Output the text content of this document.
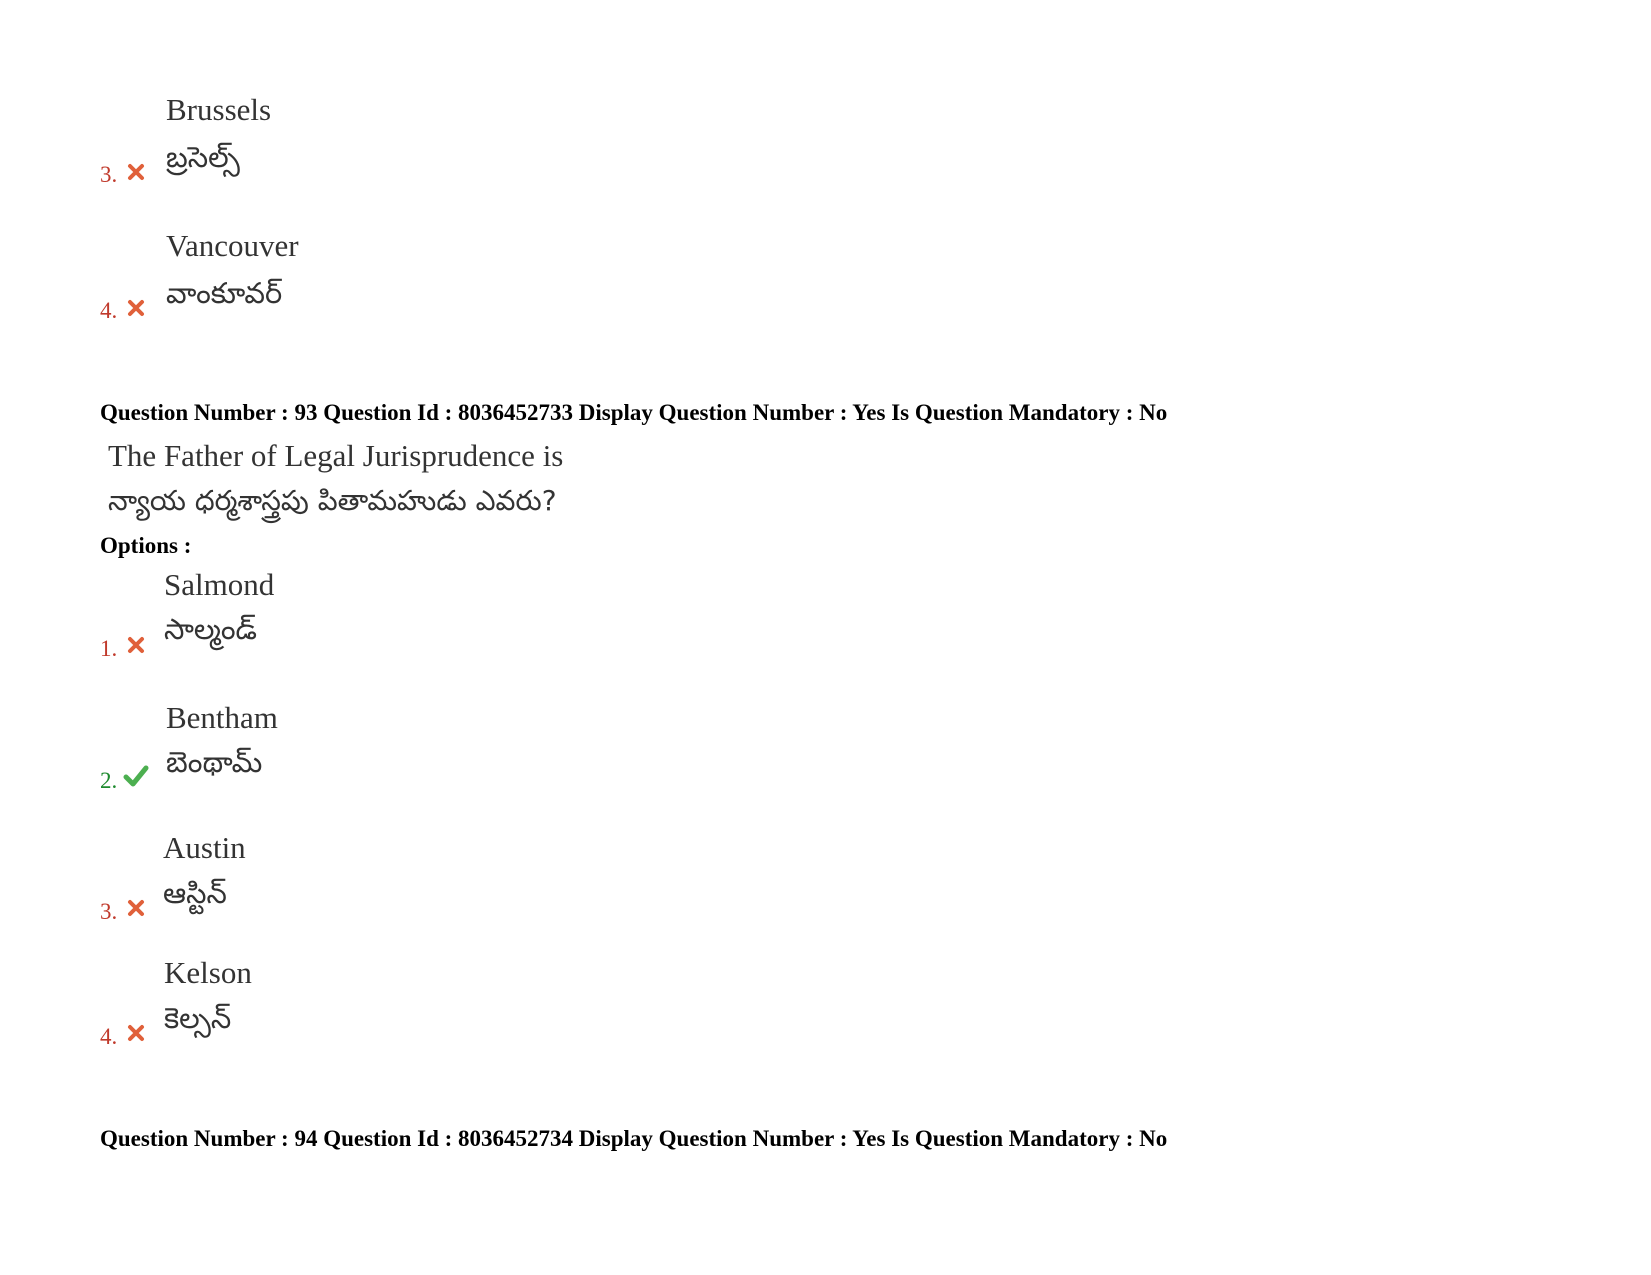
Brussels
బ్రసెల్స్
3.
Vancouver
వాంకూవర్
4.
Question Number : 93 Question Id : 8036452733 Display Question Number : Yes Is Question Mandatory : No
The Father of Legal Jurisprudence is
న్యాయ ధర్మశాస్త్రపు పితామహుడు ఎవరు?
Options :
Salmond
సాల్మండ్
1.
Bentham
బెంథామ్
2.
Austin
ఆస్టిన్
3.
Kelson
కెల్సన్
4.
Question Number : 94 Question Id : 8036452734 Display Question Number : Yes Is Question Mandatory : No
